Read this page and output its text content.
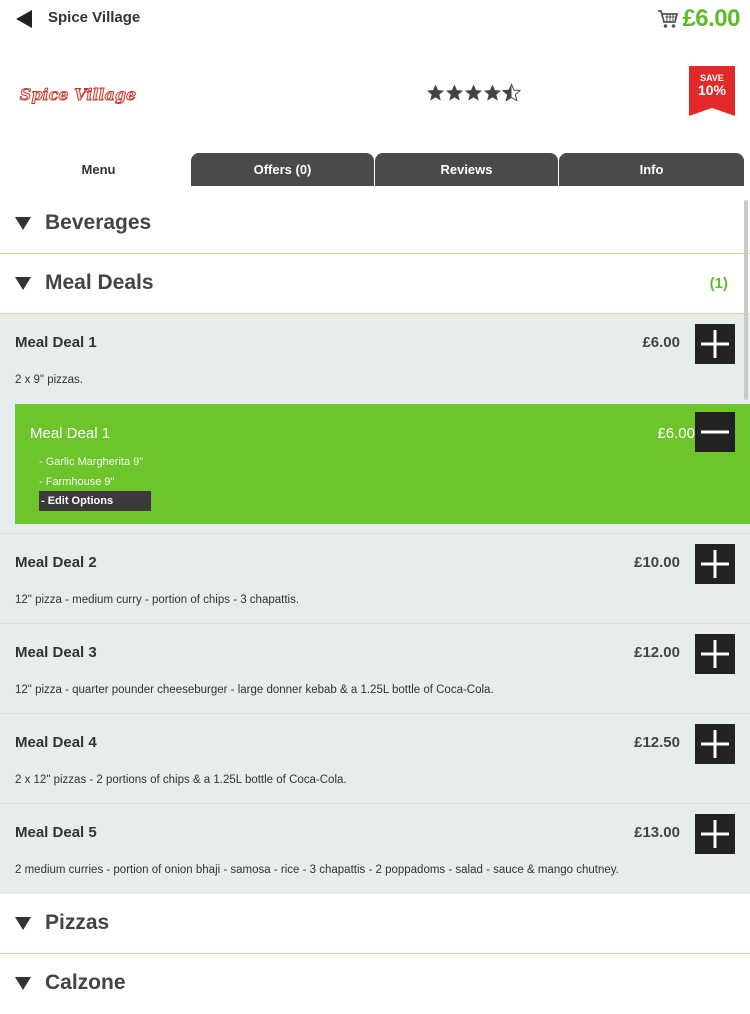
Spice Village	£6.00
Spice Village
SAVE
10%
Menu	Offers (0)	Reviews	Info
Beverages
Meal Deals	(1)
Meal Deal 1	£6.00
2 x 9" pizzas.
Meal Deal 1	£6.00
- Garlic Margherita 9"
- Farmhouse 9"
- Edit Options
Meal Deal 2	£10.00
12" pizza - medium curry - portion of chips - 3 chapattis.
Meal Deal 3	£12.00
12" pizza - quarter pounder cheeseburger - large donner kebab & a 1.25L bottle of Coca-Cola.
Meal Deal 4	£12.50
2 x 12" pizzas - 2 portions of chips & a 1.25L bottle of Coca-Cola.
Meal Deal 5	£13.00
2 medium curries - portion of onion bhaji - samosa - rice - 3 chapattis - 2 poppadoms - salad - sauce & mango chutney.
Pizzas
Calzone
